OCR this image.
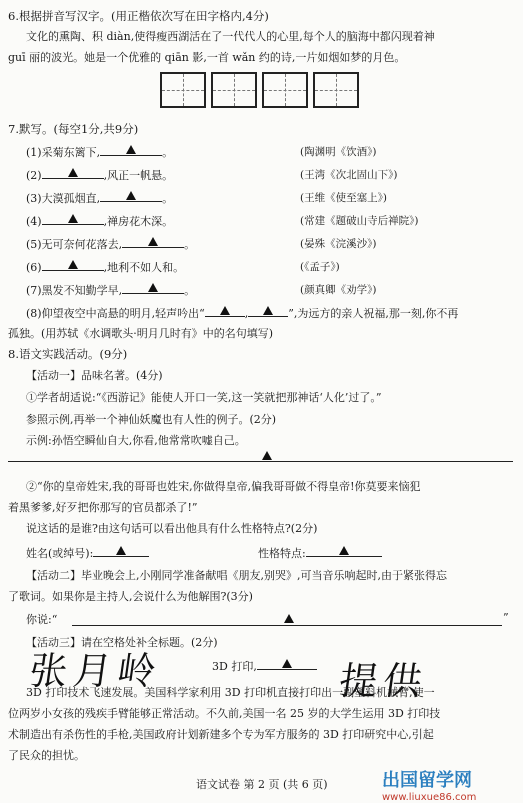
6.根据拼音写汉字。(用正楷依次写在田字格内,4分)
文化的熏陶、积 diàn,使得瘦西湖活在了一代代人的心里,每个人的脑海中都闪现着神
guī 丽的波光。她是一个优雅的 qiān 影,一首 wǎn 约的诗,一片如烟如梦的月色。
7.默写。(每空1分,共9分)
(1)采菊东篱下,	。	(陶渊明《饮酒》)
(2)	,风正一帆悬。	(王湾《次北固山下》)
(3)大漠孤烟直,	。	(王维《使至塞上》)
(4)	,禅房花木深。	(常建《题破山寺后禅院》)
(5)无可奈何花落去,	。	(晏殊《浣溪沙》)
(6)	,地利不如人和。	(《孟子》)
(7)黑发不知勤学早,	。	(颜真卿《劝学》)
(8)仰望夜空中高悬的明月,轻声吟出“	,	”,为远方的亲人祝福,那一刻,你不再
孤独。(用苏轼《水调歌头·明月几时有》中的名句填写)
8.语文实践活动。(9分)
【活动一】品味名著。(4分)
①学者胡适说:“《西游记》能使人开口一笑,这一笑就把那神话‘人化’过了。”
参照示例,再举一个神仙妖魔也有人性的例子。(2分)
示例:孙悟空瞬仙自大,你看,他常常吹嘘自己。
②“你的皇帝姓宋,我的哥哥也姓宋,你做得皇帝,偏我哥哥做不得皇帝!你莫要来恼犯
着黑爹爹,好歹把你那写的官员都杀了!”
说这话的是谁?由这句话可以看出他具有什么性格特点?(2分)
姓名(或绰号):	性格特点:
【活动二】毕业晚会上,小刚同学准备献唱《朋友,别哭》,可当音乐响起时,由于紧张得忘
了歌词。如果你是主持人,会说什么为他解围?(3分)
你说:“	”
【活动三】请在空格处补全标题。(2分)
3D 打印,
张月岭	提供
3D 打印技术飞速发展。美国科学家利用 3D 打印机直接打印出一副塑料机械臂,使一
位两岁小女孩的残疾手臂能够正常活动。不久前,美国一名 25 岁的大学生运用 3D 打印技
术制造出有杀伤性的手枪,美国政府计划新建多个专为军方服务的 3D 打印研究中心,引起
了民众的担忧。
语文试卷 第 2 页 (共 6 页)	出国留学网
www.liuxue86.com
